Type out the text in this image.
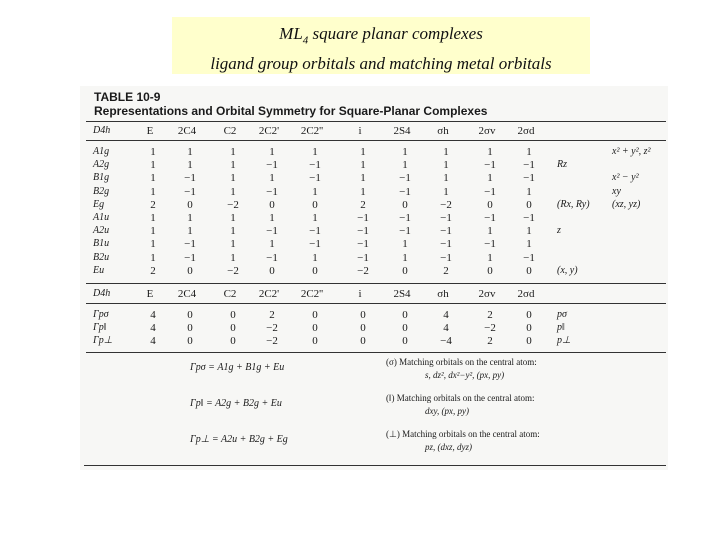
$ML_4$ square planar complexes
ligand group orbitals and matching metal orbitals
TABLE 10-9
Representations and Orbital Symmetry for Square-Planar Complexes
D4h	E 2C4 C2 2C2' 2C2''	i	2S4 σh	2σv 2σd
A1g	1	1	1	1	1	1	1	1	1	1	x² + y², z²
A2g	1	1	1	−1	−1	1	1	1	−1 −1 Rz
B1g	1	−1	1	1	−1	1	−1	1	1	−1	x² − y²
B2g	1	−1	1	−1	1	1	−1	1	−1	1	xy
Eg	2	0	−2	0	0	2	0	−2	0	0	(Rx, Ry) (xz, yz)
A1u	1	1	1	1	1	−1	−1	−1	−1 −1
A2u	1	1	1	−1	−1	−1	−1	−1	1	1	z
B1u	1	−1	1	1	−1	−1	1	−1	−1	1
B2u	1	−1	1	−1	1	−1	1	−1	1	−1
Eu	2	0	−2	0	0	−2	0	2	0	0	(x, y)
D4h	E 2C4 C2 2C2' 2C2''	i	2S4 σh	2σv 2σd
Γpσ	4	0	0	2	0	0	0	4	2	0	pσ
Γp‖	4	0	0	−2	0	0	0	4	−2	0	p‖
Γp⊥	4	0	0	−2	0	0	0	−4	2	0	p⊥
Γpσ = A1g + B1g + Eu	(σ) Matching orbitals on the central atom:
s, dz², dx²−y², (px, py)
Γp‖ = A2g + B2g + Eu	(‖) Matching orbitals on the central atom:
dxy, (px, py)
Γp⊥ = A2u + B2g + Eg	(⊥) Matching orbitals on the central atom:
pz, (dxz, dyz)
